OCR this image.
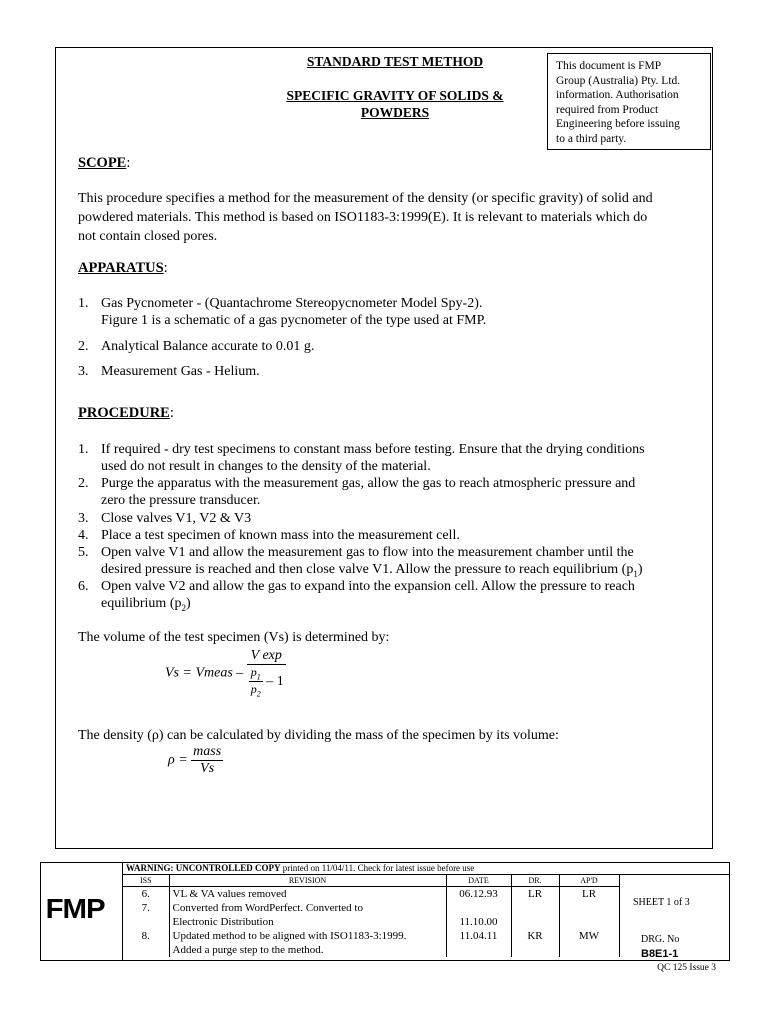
STANDARD TEST METHOD
SPECIFIC GRAVITY OF SOLIDS &
POWDERS
This document is FMP
Group (Australia) Pty. Ltd.
information. Authorisation
required from Product
Engineering before issuing
to a third party.
SCOPE:
This procedure specifies a method for the measurement of the density (or specific gravity) of solid and
powdered materials. This method is based on ISO1183-3:1999(E). It is relevant to materials which do
not contain closed pores.
APPARATUS:
1. Gas Pycnometer - (Quantachrome Stereopycnometer Model Spy-2).
Figure 1 is a schematic of a gas pycnometer of the type used at FMP.
2. Analytical Balance accurate to 0.01 g.
3. Measurement Gas - Helium.
PROCEDURE:
1. If required - dry test specimens to constant mass before testing. Ensure that the drying conditions
used do not result in changes to the density of the material.
2. Purge the apparatus with the measurement gas, allow the gas to reach atmospheric pressure and
zero the pressure transducer.
3. Close valves V1, V2 & V3
4. Place a test specimen of known mass into the measurement cell.
5. Open valve V1 and allow the measurement gas to flow into the measurement chamber until the
desired pressure is reached and then close valve V1. Allow the pressure to reach equilibrium $(p_1)$
6. Open valve V2 and allow the gas to expand into the expansion cell. Allow the pressure to reach
equilibrium $(p_2)$
The volume of the test specimen (Vs) is determined by:
Vs = Vmeas – $\frac{\text{V exp}}{\frac{p_1}{p_2} - 1}$
The density (ρ) can be calculated by dividing the mass of the specimen by its volume:
$\rho = \frac{\text{mass}}{Vs}$
FMP
WARNING: UNCONTROLLED COPY printed on 11/04/11. Check for latest issue before use
ISS	REVISION	DATE	DR.	AP'D
6.	VL & VA values removed	06.12.93	LR	LR
7.	Converted from WordPerfect. Converted to			
	Electronic Distribution	11.10.00		
8.	Updated method to be aligned with ISO1183-3:1999.	11.04.11	KR	MW
	Added a purge step to the method.			
SHEET 1 of 3
DRG. No
B8E1-1
QC 125 Issue 3
